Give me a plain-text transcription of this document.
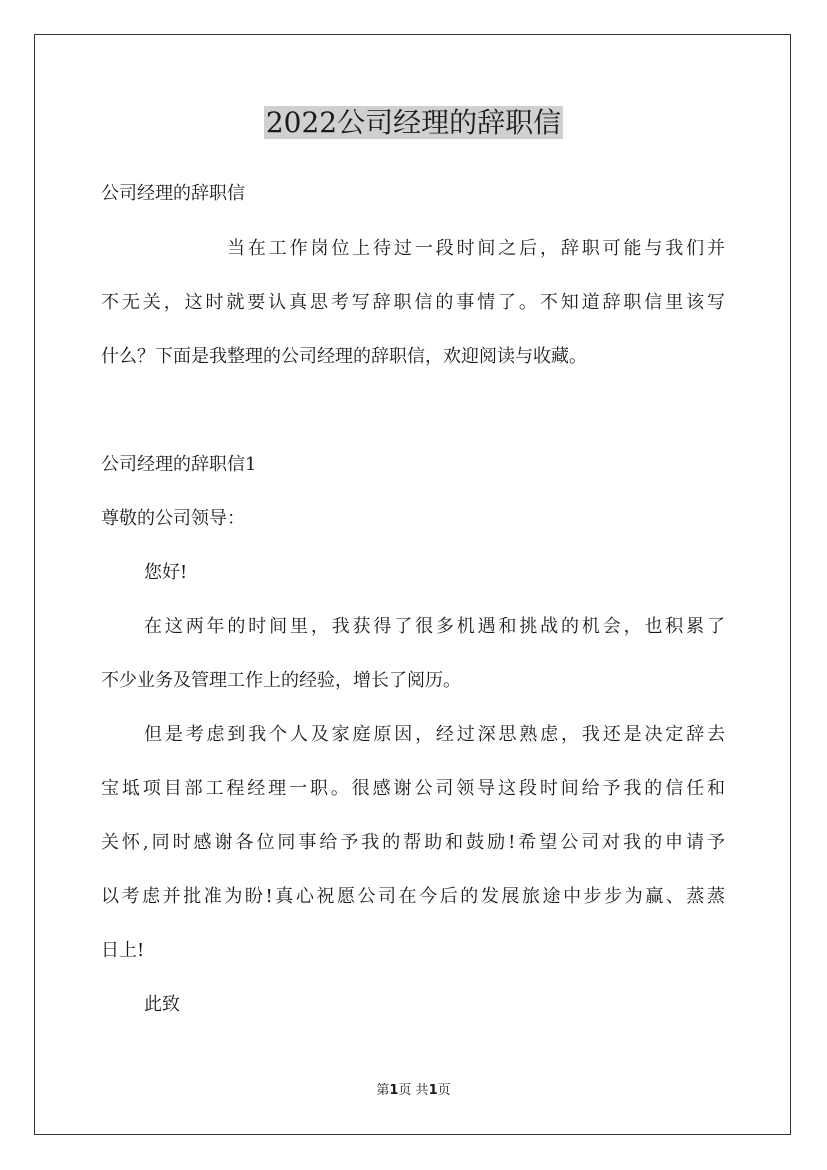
2022公司经理的辞职信
公司经理的辞职信
当在工作岗位上待过一段时间之后，辞职可能与我们并
不无关，这时就要认真思考写辞职信的事情了。不知道辞职信里该写
什么？下面是我整理的公司经理的辞职信，欢迎阅读与收藏。
公司经理的辞职信1
尊敬的公司领导：
您好!
在这两年的时间里，我获得了很多机遇和挑战的机会，也积累了
不少业务及管理工作上的经验，增长了阅历。
但是考虑到我个人及家庭原因，经过深思熟虑，我还是决定辞去
宝坻项目部工程经理一职。很感谢公司领导这段时间给予我的信任和
关怀,同时感谢各位同事给予我的帮助和鼓励!希望公司对我的申请予
以考虑并批准为盼!真心祝愿公司在今后的发展旅途中步步为赢、蒸蒸
日上!
此致
第1页 共1页
